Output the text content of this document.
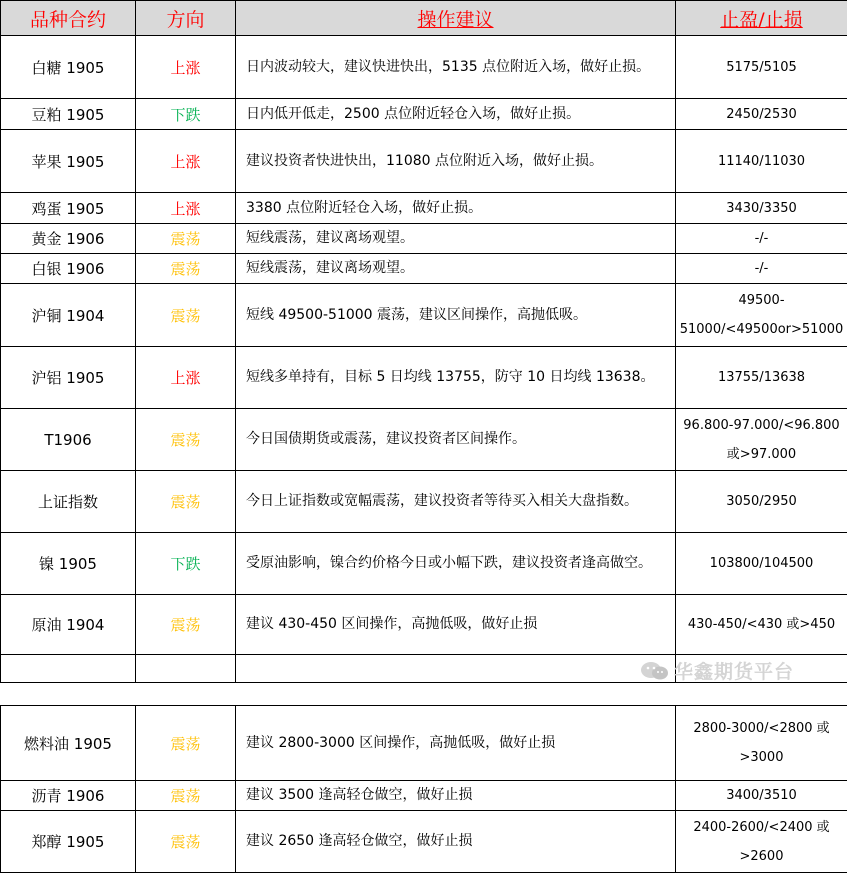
品种合约	方向	操作建议	止盈/止损
白糖 1905	上涨	日内波动较大，建议快进快出，5135 点位附近入场，做好止损。	5175/5105
豆粕 1905	下跌	日内低开低走，2500 点位附近轻仓入场，做好止损。	2450/2530
苹果 1905	上涨	建议投资者快进快出，11080 点位附近入场，做好止损。	11140/11030
鸡蛋 1905	上涨	3380 点位附近轻仓入场，做好止损。	3430/3350
黄金 1906	震荡	短线震荡，建议离场观望。	-/-
白银 1906	震荡	短线震荡，建议离场观望。	-/-
沪铜 1904	震荡	短线 49500-51000 震荡，建议区间操作，高抛低吸。	49500-51000/<49500or>51000
沪铝 1905	上涨	短线多单持有，目标 5 日均线 13755，防守 10 日均线 13638。	13755/13638
T1906	震荡	今日国债期货或震荡，建议投资者区间操作。	96.800-97.000/<96.800 或>97.000
上证指数	震荡	今日上证指数或宽幅震荡，建议投资者等待买入相关大盘指数。	3050/2950
镍 1905	下跌	受原油影响，镍合约价格今日或小幅下跌，建议投资者逢高做空。	103800/104500
原油 1904	震荡	建议 430-450 区间操作，高抛低吸，做好止损	430-450/<430 或>450

燃料油 1905	震荡	建议 2800-3000 区间操作，高抛低吸，做好止损	2800-3000/<2800 或>3000
沥青 1906	震荡	建议 3500 逢高轻仓做空，做好止损	3400/3510
郑醇 1905	震荡	建议 2650 逢高轻仓做空，做好止损	2400-2600/<2400 或>2600
华鑫期货平台
